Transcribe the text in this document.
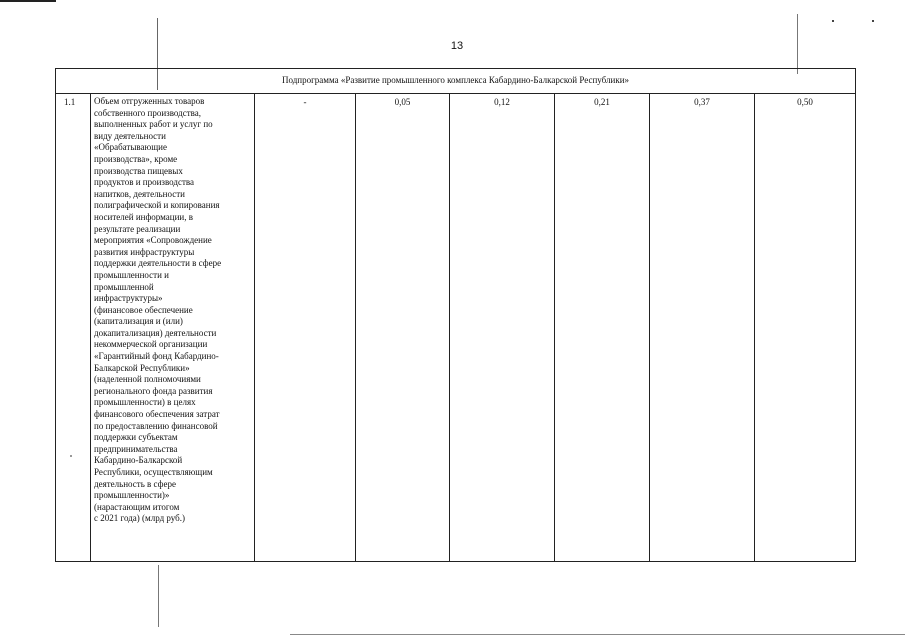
13
Подпрограмма «Развитие промышленного комплекса Кабардино-Балкарской Республики»
1.1	Объем отгруженных товаров
собственного производства,
выполненных работ и услуг по
виду деятельности
«Обрабатывающие
производства», кроме
производства пищевых
продуктов и производства
напитков, деятельности
полиграфической и копирования
носителей информации, в
результате реализации
мероприятия «Сопровождение
развития инфраструктуры
поддержки деятельности в сфере
промышленности и
промышленной
инфраструктуры»
(финансовое обеспечение
(капитализация и (или)
докапитализация) деятельности
некоммерческой организации
«Гарантийный фонд Кабардино-
Балкарской Республики»
(наделенной полномочиями
регионального фонда развития
промышленности) в целях
финансового обеспечения затрат
по предоставлению финансовой
поддержки субъектам
предпринимательства
Кабардино-Балкарской
Республики, осуществляющим
деятельность в сфере
промышленности)»
(нарастающим итогом
с 2021 года) (млрд руб.)	-	0,05	0,12	0,21	0,37	0,50
